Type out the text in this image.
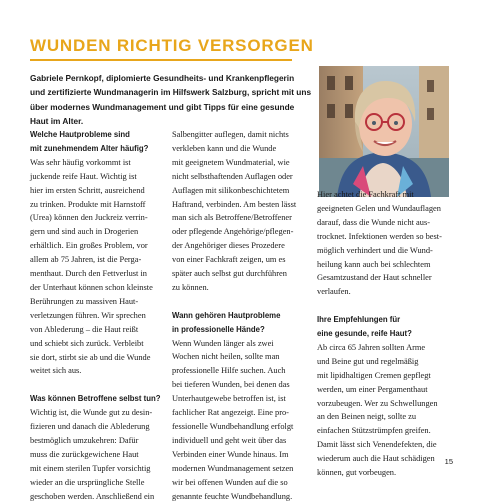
WUNDEN RICHTIG VERSORGEN

Gabriele Pernkopf, diplomierte Gesundheits- und Krankenpflegerin
und zertifizierte Wundmanagerin im Hilfswerk Salzburg, spricht mit uns
über modernes Wundmanagement und gibt Tipps für eine gesunde
Haut im Alter.

Welche Hautprobleme sind
mit zunehmendem Alter häufig?

Was sehr häufig vorkommt ist
juckende reife Haut. Wichtig ist
hier im ersten Schritt, ausreichend
zu trinken. Produkte mit Harnstoff
(Urea) können den Juckreiz verrin-
gern und sind auch in Drogerien
erhältlich. Ein großes Problem, vor
allem ab 75 Jahren, ist die Perga-
menthaut. Durch den Fettverlust in
der Unterhaut können schon kleinste
Berührungen zu massiven Haut-
verletzungen führen. Wir sprechen
von Ablederung – die Haut reißt
und schiebt sich zurück. Verbleibt
sie dort, stirbt sie ab und die Wunde
weitet sich aus.

Was können Betroffene selbst tun?

Wichtig ist, die Wunde gut zu desin-
fizieren und danach die Ablederung
bestmöglich umzukehren: Dafür
muss die zurückgewichene Haut
mit einem sterilen Tupfer vorsichtig
wieder an die ursprüngliche Stelle
geschoben werden. Anschließend ein

Salbengitter auflegen, damit nichts
verkleben kann und die Wunde
mit geeignetem Wundmaterial, wie
nicht selbsthaftenden Auflagen oder
Auflagen mit silikonbeschichtetem
Haftrand, verbinden. Am besten lässt
man sich als Betroffene/Betroffener
oder pflegende Angehörige/pflegen-
der Angehöriger dieses Prozedere
von einer Fachkraft zeigen, um es
später auch selbst gut durchführen
zu können.

Wann gehören Hautprobleme
in professionelle Hände?

Wenn Wunden länger als zwei
Wochen nicht heilen, sollte man
professionelle Hilfe suchen. Auch
bei tieferen Wunden, bei denen das
Unterhautgewebe betroffen ist, ist
fachlicher Rat angezeigt. Eine pro-
fessionelle Wundbehandlung erfolgt
individuell und geht weit über das
Verbinden einer Wunde hinaus. Im
modernen Wundmanagement setzen
wir bei offenen Wunden auf die so
genannte feuchte Wundbehandlung.

Hier achtet die Fachkraft mit
geeigneten Gelen und Wundauflagen
darauf, dass die Wunde nicht aus-
trocknet. Infektionen werden so best-
möglich verhindert und die Wund-
heilung kann auch bei schlechtem
Gesamtzustand der Haut schneller
verlaufen.

Ihre Empfehlungen für
eine gesunde, reife Haut?

Ab circa 65 Jahren sollten Arme
und Beine gut und regelmäßig
mit lipidhaltigen Cremen gepflegt
werden, um einer Pergamenthaut
vorzubeugen. Wer zu Schwellungen
an den Beinen neigt, sollte zu
einfachen Stützstrümpfen greifen.
Damit lässt sich Venendefekten, die
wiederum auch die Haut schädigen
können, gut vorbeugen.

15
